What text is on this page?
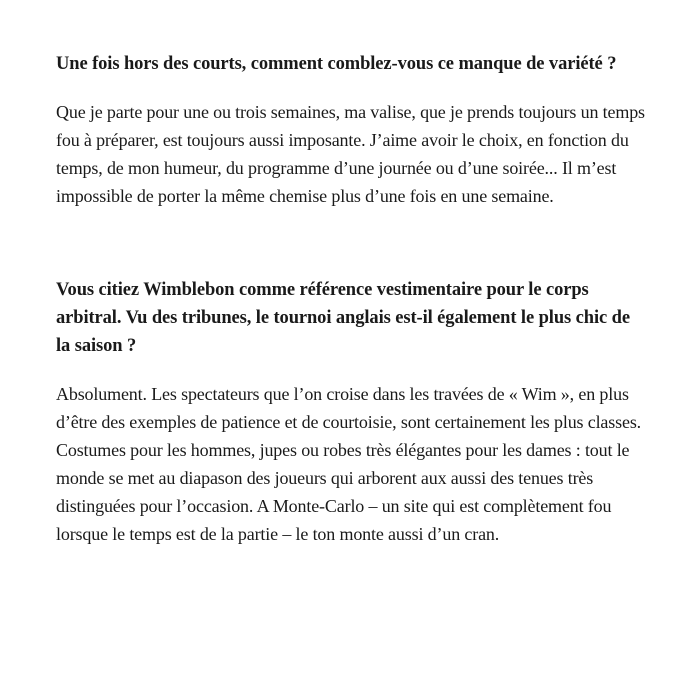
Une fois hors des courts, comment comblez-vous ce manque de variété ?

Que je parte pour une ou trois semaines, ma valise, que je prends toujours un temps fou à préparer, est toujours aussi imposante. J’aime avoir le choix, en fonction du temps, de mon humeur, du programme d’une journée ou d’une soirée... Il m’est impossible de porter la même chemise plus d’une fois en une semaine.

Vous citiez Wimblebon comme référence vestimentaire pour le corps arbitral. Vu des tribunes, le tournoi anglais est-il également le plus chic de la saison ?

Absolument. Les spectateurs que l’on croise dans les travées de « Wim », en plus d’être des exemples de patience et de courtoisie, sont certainement les plus classes. Costumes pour les hommes, jupes ou robes très élégantes pour les dames : tout le monde se met au diapason des joueurs qui arborent aux aussi des tenues très distinguées pour l’occasion. A Monte-Carlo – un site qui est complètement fou lorsque le temps est de la partie – le ton monte aussi d’un cran.
